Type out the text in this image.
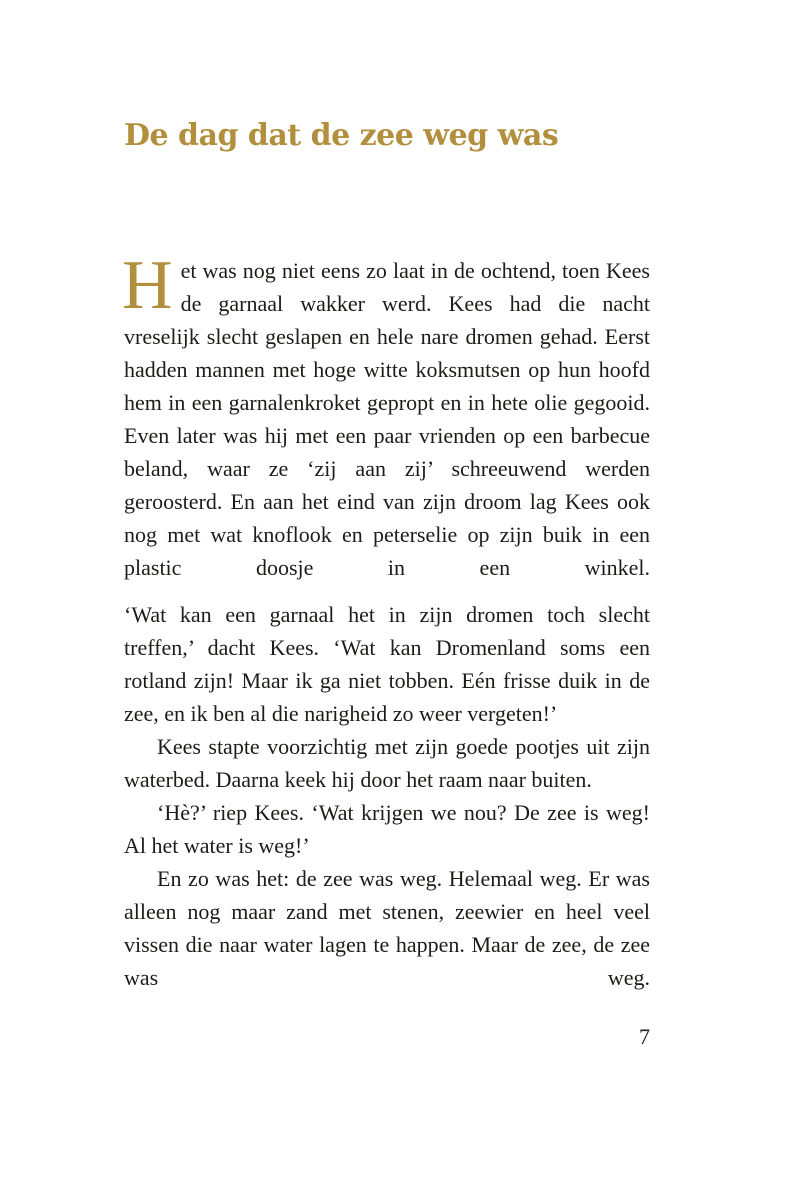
De dag dat de zee weg was

Het was nog niet eens zo laat in de ochtend, toen Kees de garnaal wakker werd. Kees had die nacht vreselijk slecht geslapen en hele nare dromen gehad. Eerst hadden mannen met hoge witte koksmutsen op hun hoofd hem in een garnalenkroket gepropt en in hete olie gegooid. Even later was hij met een paar vrienden op een barbecue beland, waar ze ‘zij aan zij’ schreeuwend werden geroosterd. En aan het eind van zijn droom lag Kees ook nog met wat knoflook en peterselie op zijn buik in een plastic doosje in een winkel.

‘Wat kan een garnaal het in zijn dromen toch slecht treffen,’ dacht Kees. ‘Wat kan Dromenland soms een rotland zijn! Maar ik ga niet tobben. Eén frisse duik in de zee, en ik ben al die narigheid zo weer vergeten!’

Kees stapte voorzichtig met zijn goede pootjes uit zijn waterbed. Daarna keek hij door het raam naar buiten.

‘Hè?’ riep Kees. ‘Wat krijgen we nou? De zee is weg! Al het water is weg!’

En zo was het: de zee was weg. Helemaal weg. Er was alleen nog maar zand met stenen, zeewier en heel veel vissen die naar water lagen te happen. Maar de zee, de zee was weg.

7
